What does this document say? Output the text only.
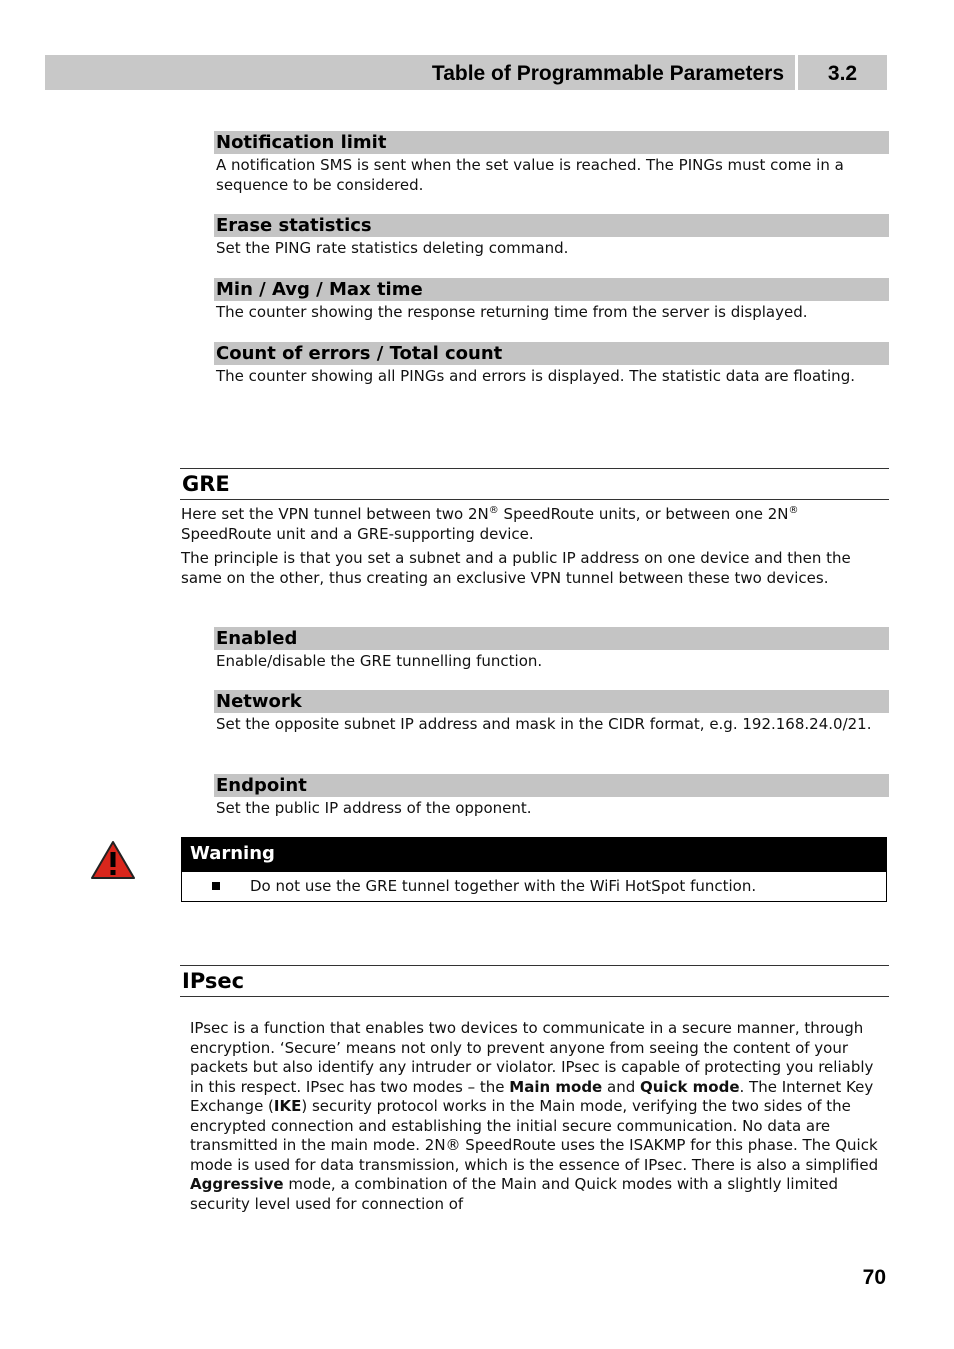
Table of Programmable Parameters	3.2
Notification limit
A notification SMS is sent when the set value is reached. The PINGs must come in a sequence to be considered.
Erase statistics
Set the PING rate statistics deleting command.
Min / Avg / Max time
The counter showing the response returning time from the server is displayed.
Count of errors / Total count
The counter showing all PINGs and errors is displayed. The statistic data are floating.
GRE
Here set the VPN tunnel between two 2N® SpeedRoute units, or between one 2N® SpeedRoute unit and a GRE-supporting device.
The principle is that you set a subnet and a public IP address on one device and then the same on the other, thus creating an exclusive VPN tunnel between these two devices.
Enabled
Enable/disable the GRE tunnelling function.
Network
Set the opposite subnet IP address and mask in the CIDR format, e.g. 192.168.24.0/21.
Endpoint
Set the public IP address of the opponent.
Warning
Do not use the GRE tunnel together with the WiFi HotSpot function.
IPsec
IPsec is a function that enables two devices to communicate in a secure manner, through encryption. ‘Secure’ means not only to prevent anyone from seeing the content of your packets but also identify any intruder or violator. IPsec is capable of protecting you reliably in this respect. IPsec has two modes – the Main mode and Quick mode. The Internet Key Exchange (IKE) security protocol works in the Main mode, verifying the two sides of the encrypted connection and establishing the initial secure communication. No data are transmitted in the main mode. 2N® SpeedRoute uses the ISAKMP for this phase. The Quick mode is used for data transmission, which is the essence of IPsec. There is also a simplified Aggressive mode, a combination of the Main and Quick modes with a slightly limited security level used for connection of
70
